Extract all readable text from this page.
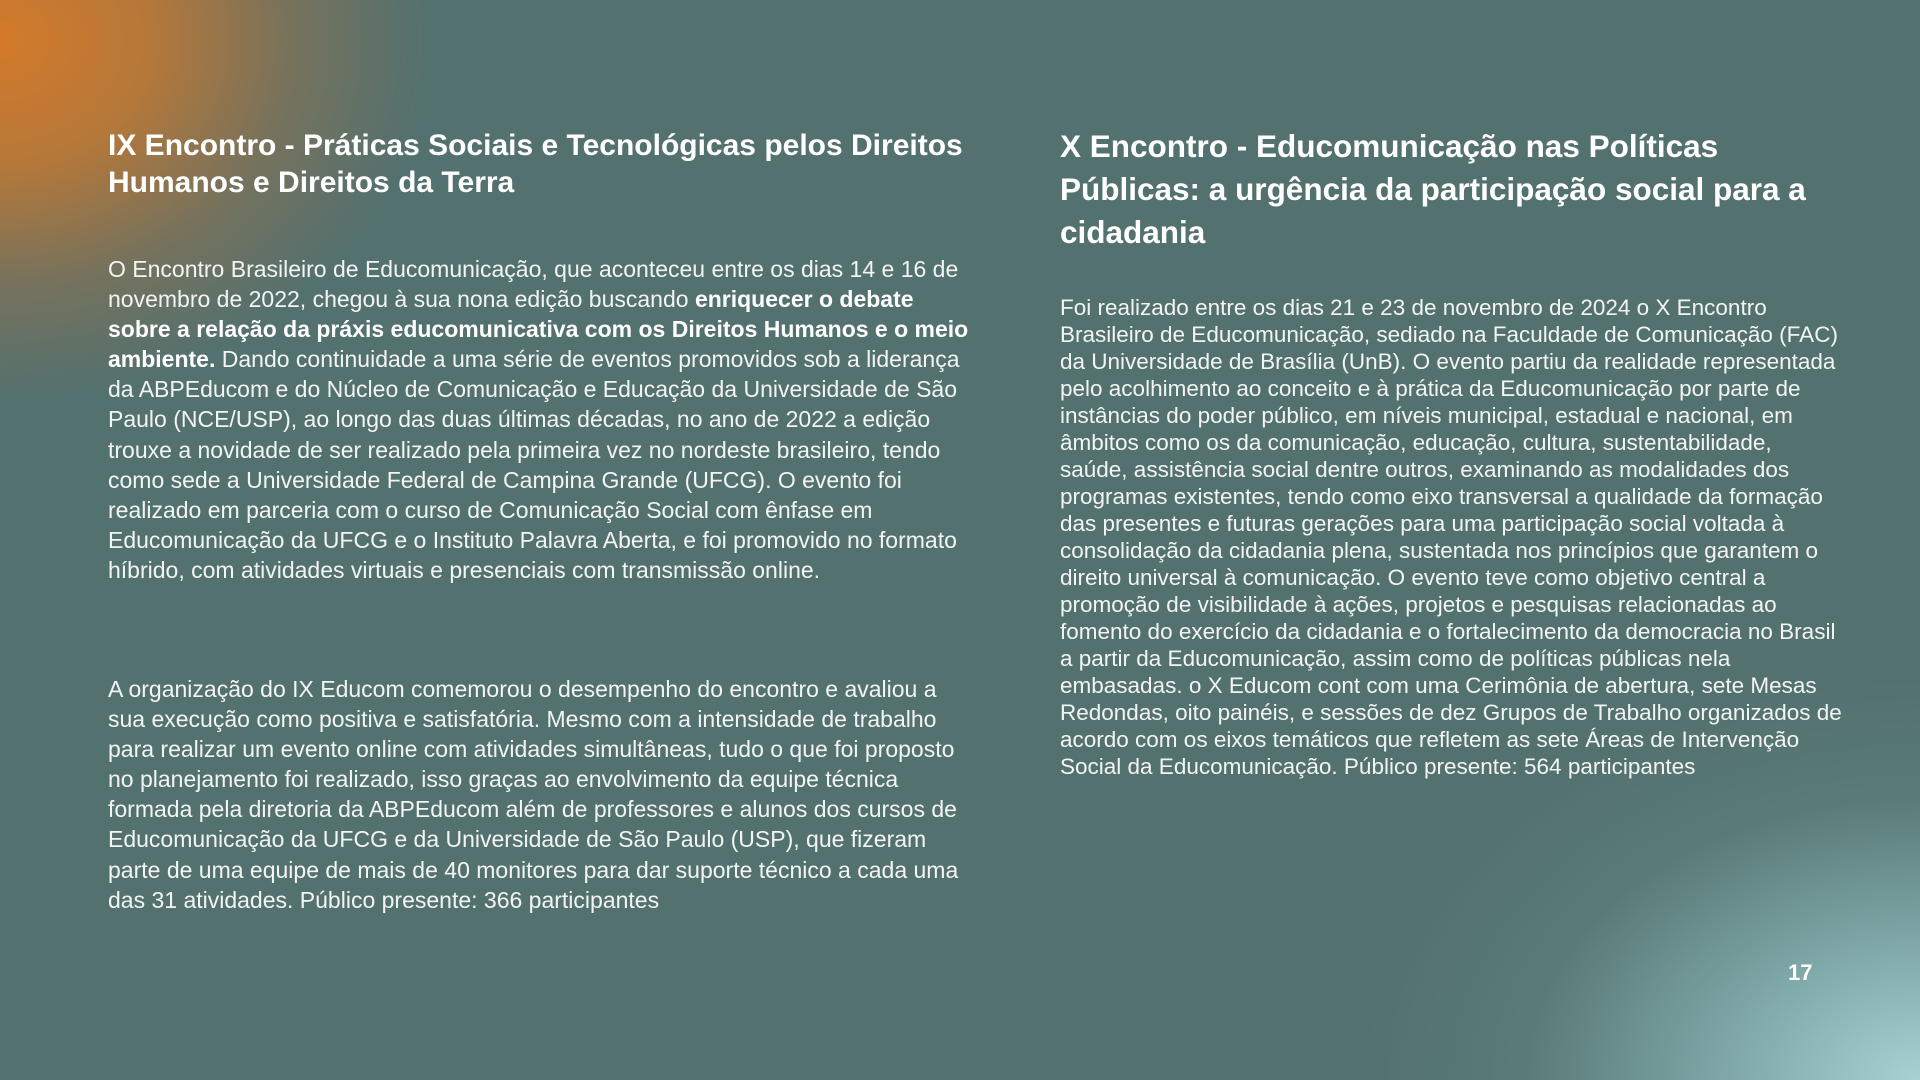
IX Encontro - Práticas Sociais e Tecnológicas pelos Direitos Humanos e Direitos da Terra

O Encontro Brasileiro de Educomunicação, que aconteceu entre os dias 14 e 16 de novembro de 2022, chegou à sua nona edição buscando enriquecer o debate sobre a relação da práxis educomunicativa com os Direitos Humanos e o meio ambiente. Dando continuidade a uma série de eventos promovidos sob a liderança da ABPEducom e do Núcleo de Comunicação e Educação da Universidade de São Paulo (NCE/USP), ao longo das duas últimas décadas, no ano de 2022 a edição trouxe a novidade de ser realizado pela primeira vez no nordeste brasileiro, tendo como sede a Universidade Federal de Campina Grande (UFCG). O evento foi realizado em parceria com o curso de Comunicação Social com ênfase em Educomunicação da UFCG e o Instituto Palavra Aberta, e foi promovido no formato híbrido, com atividades virtuais e presenciais com transmissão online.

A organização do IX Educom comemorou o desempenho do encontro e avaliou a sua execução como positiva e satisfatória. Mesmo com a intensidade de trabalho para realizar um evento online com atividades simultâneas, tudo o que foi proposto no planejamento foi realizado, isso graças ao envolvimento da equipe técnica formada pela diretoria da ABPEducom além de professores e alunos dos cursos de Educomunicação da UFCG e da Universidade de São Paulo (USP), que fizeram parte de uma equipe de mais de 40 monitores para dar suporte técnico a cada uma das 31 atividades. Público presente: 366 participantes

X Encontro - Educomunicação nas Políticas Públicas: a urgência da participação social para a cidadania

Foi realizado entre os dias 21 e 23 de novembro de 2024 o X Encontro Brasileiro de Educomunicação, sediado na Faculdade de Comunicação (FAC) da Universidade de Brasília (UnB). O evento partiu da realidade representada pelo acolhimento ao conceito e à prática da Educomunicação por parte de instâncias do poder público, em níveis municipal, estadual e nacional, em âmbitos como os da comunicação, educação, cultura, sustentabilidade, saúde, assistência social dentre outros, examinando as modalidades dos programas existentes, tendo como eixo transversal a qualidade da formação das presentes e futuras gerações para uma participação social voltada à consolidação da cidadania plena, sustentada nos princípios que garantem o direito universal à comunicação. O evento teve como objetivo central a promoção de visibilidade à ações, projetos e pesquisas relacionadas ao fomento do exercício da cidadania e o fortalecimento da democracia no Brasil a partir da Educomunicação, assim como de políticas públicas nela embasadas. o X Educom cont com uma Cerimônia de abertura, sete Mesas Redondas, oito painéis, e sessões de dez Grupos de Trabalho organizados de acordo com os eixos temáticos que refletem as sete Áreas de Intervenção Social da Educomunicação. Público presente: 564 participantes

17
